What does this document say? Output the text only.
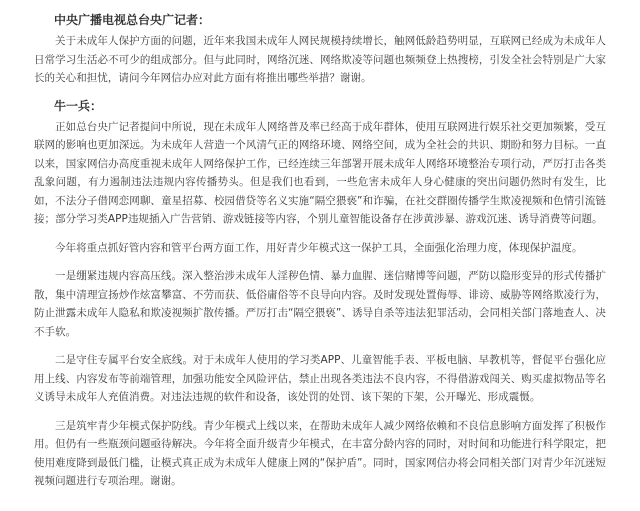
中央广播电视总台央广记者：

关于未成年人保护方面的问题，近年来我国未成年人网民规模持续增长，触网低龄趋势明显，互联网已经成为未成年人日常学习生活必不可少的组成部分。但与此同时，网络沉迷、网络欺凌等问题也频频登上热搜榜，引发全社会特别是广大家长的关心和担忧，请问今年网信办应对此方面有将推出哪些举措？谢谢。

牛一兵：

正如总台央广记者提问中所说，现在未成年人网络普及率已经高于成年群体，使用互联网进行娱乐社交更加频繁，受互联网的影响也更加深远。为未成年人营造一个风清气正的网络环境、网络空间，成为全社会的共识、期盼和努力目标。一直以来，国家网信办高度重视未成年人网络保护工作，已经连续三年部署开展未成年人网络环境整治专项行动，严厉打击各类乱象问题，有力遏制违法违规内容传播势头。但是我们也看到，一些危害未成年人身心健康的突出问题仍然时有发生，比如，不法分子借网恋网聊、童星招募、校园借贷等名义实施“隔空猥亵”和诈骗，在社交群圈传播学生欺凌视频和色情引流链接；部分学习类APP违规插入广告营销、游戏链接等内容，个别儿童智能设备存在涉黄涉暴、游戏沉迷、诱导消费等问题。

今年将重点抓好管内容和管平台两方面工作，用好青少年模式这一保护工具，全面强化治理力度，体现保护温度。

一是绷紧违规内容高压线。深入整治涉未成年人淫秽色情、暴力血腥、迷信赌博等问题，严防以隐形变异的形式传播扩散，集中清理宣扬炒作炫富攀富、不劳而获、低俗庸俗等不良导向内容。及时发现处置侮辱、诽谤、威胁等网络欺凌行为，防止泄露未成年人隐私和欺凌视频扩散传播。严厉打击“隔空猥亵”、诱导自杀等违法犯罪活动，会同相关部门落地查人、决不手软。

二是守住专属平台安全底线。对于未成年人使用的学习类APP、儿童智能手表、平板电脑、早教机等，督促平台强化应用上线、内容发布等前端管理，加强功能安全风险评估，禁止出现各类违法不良内容，不得借游戏闯关、购买虚拟物品等名义诱导未成年人充值消费。对违法违规的软件和设备，该处罚的处罚、该下架的下架，公开曝光、形成震慑。

三是筑牢青少年模式保护防线。青少年模式上线以来，在帮助未成年人减少网络依赖和不良信息影响方面发挥了积极作用。但仍有一些瓶颈问题亟待解决。今年将全面升级青少年模式，在丰富分龄内容的同时，对时间和功能进行科学限定，把使用难度降到最低门槛，让模式真正成为未成年人健康上网的“保护盾”。同时，国家网信办将会同相关部门对青少年沉迷短视频问题进行专项治理。谢谢。
